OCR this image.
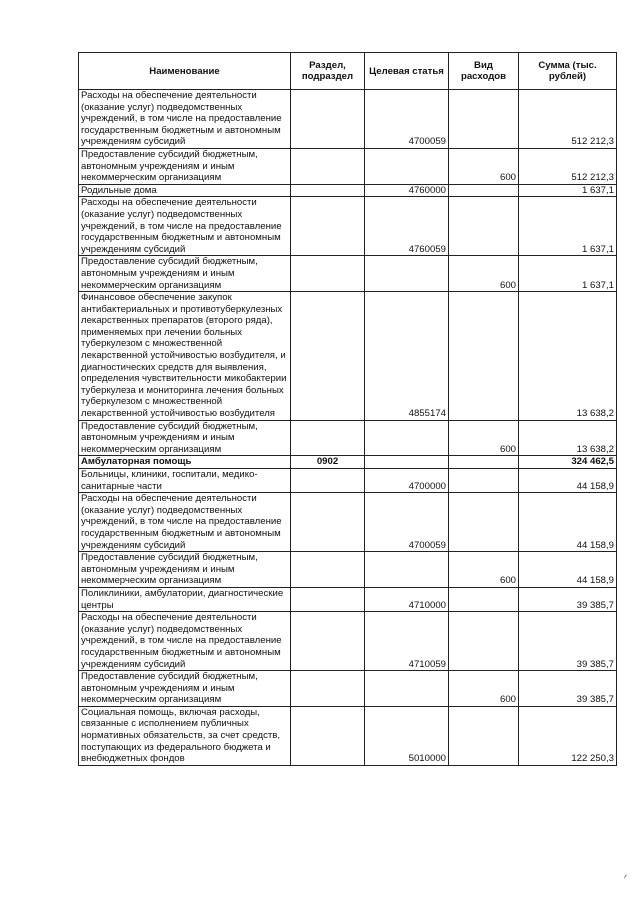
Наименование	Раздел, подраздел	Целевая статья	Вид расходов	Сумма (тыс. рублей)
Расходы на обеспечение деятельности (оказание услуг) подведомственных учреждений, в том числе на предоставление государственным бюджетным и автономным учреждениям субсидий		4700059		512 212,3
Предоставление субсидий бюджетным, автономным учреждениям и иным некоммерческим организациям			600	512 212,3
Родильные дома		4760000		1 637,1
Расходы на обеспечение деятельности (оказание услуг) подведомственных учреждений, в том числе на предоставление государственным бюджетным и автономным учреждениям субсидий		4760059		1 637,1
Предоставление субсидий бюджетным, автономным учреждениям и иным некоммерческим организациям			600	1 637,1
Финансовое обеспечение закупок антибактериальных и противотуберкулезных лекарственных препаратов (второго ряда), применяемых при лечении больных туберкулезом с множественной лекарственной устойчивостью возбудителя, и диагностических средств для выявления, определения чувствительности микобактерии туберкулеза и мониторинга лечения больных туберкулезом с множественной лекарственной устойчивостью возбудителя		4855174		13 638,2
Предоставление субсидий бюджетным, автономным учреждениям и иным некоммерческим организациям			600	13 638,2
Амбулаторная помощь	0902			324 462,5
Больницы, клиники, госпитали, медико-санитарные части		4700000		44 158,9
Расходы на обеспечение деятельности (оказание услуг) подведомственных учреждений, в том числе на предоставление государственным бюджетным и автономным учреждениям субсидий		4700059		44 158,9
Предоставление субсидий бюджетным, автономным учреждениям и иным некоммерческим организациям			600	44 158,9
Поликлиники, амбулатории, диагностические центры		4710000		39 385,7
Расходы на обеспечение деятельности (оказание услуг) подведомственных учреждений, в том числе на предоставление государственным бюджетным и автономным учреждениям субсидий		4710059		39 385,7
Предоставление субсидий бюджетным, автономным учреждениям и иным некоммерческим организациям			600	39 385,7
Социальная помощь, включая расходы, связанные с исполнением публичных нормативных обязательств, за счет средств, поступающих из федерального бюджета и внебюджетных фондов		5010000		122 250,3
ᐟ
